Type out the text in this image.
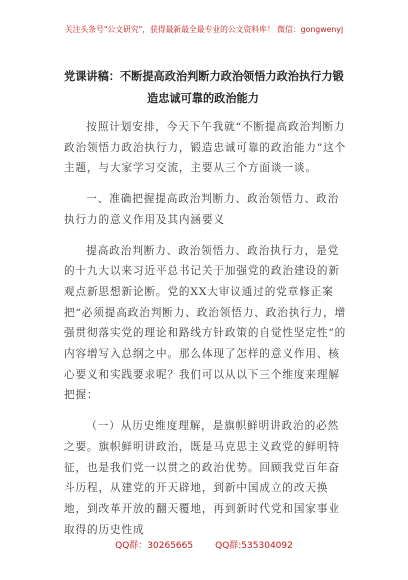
关注头条号"公文研究"，获得最新最全最专业的公文资料库！ 微信：gongwenyj
党课讲稿：不断提高政治判断力政治领悟力政治执行力锻
造忠诚可靠的政治能力

按照计划安排，今天下午我就“不断提高政治判断力政治领悟力政治执行力，锻造忠诚可靠的政治能力”这个主题，与大家学习交流，主要从三个方面谈一谈。

一、准确把握提高政治判断力、政治领悟力、政治执行力的意义作用及其内涵要义

提高政治判断力、政治领悟力、政治执行力，是党的十九大以来习近平总书记关于加强党的政治建设的新观点新思想新论断。党的XX大审议通过的党章修正案把“必须提高政治判断力、政治领悟力、政治执行力，增强贯彻落实党的理论和路线方针政策的自觉性坚定性”的内容增写入总纲之中。那么体现了怎样的意义作用、核心要义和实践要求呢？我们可以从以下三个维度来理解把握：

（一）从历史维度理解，是旗帜鲜明讲政治的必然之要。旗帜鲜明讲政治，既是马克思主义政党的鲜明特征，也是我们党一以贯之的政治优势。回顾我党百年奋斗历程，从建党的开天辟地，到新中国成立的改天换地，到改革开放的翻天覆地，再到新时代党和国家事业取得的历史性成

QQ群：30265665 QQ群:535304092
